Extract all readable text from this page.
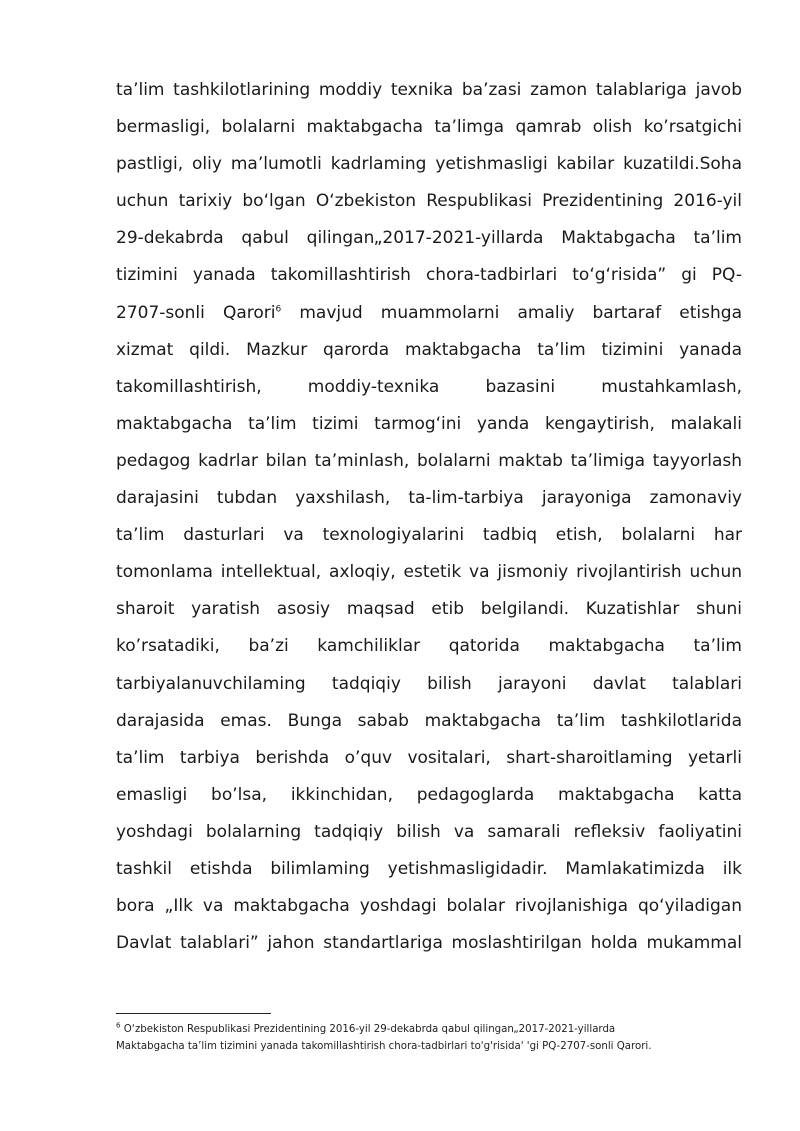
ta’lim tashkilotlarining moddiy texnika ba’zasi zamon talablariga javob
bermasligi, bolalarni maktabgacha ta’limga qamrab olish ko’rsatgichi
pastligi, oliy ma’lumotli kadrlaming yetishmasligi kabilar kuzatildi.Soha
uchun tarixiy bo‘lgan O‘zbekiston Respublikasi Prezidentining 2016-yil
29-dekabrda qabul qilingan„2017-2021-yillarda Maktabgacha ta’lim
tizimini yanada takomillashtirish chora-tadbirlari to‘g‘risida” gi PQ-
2707-sonli Qarori$^6$ mavjud muammolarni amaliy bartaraf etishga
xizmat qildi. Mazkur qarorda maktabgacha ta’lim tizimini yanada
takomillashtirish, moddiy-texnika bazasini mustahkamlash,
maktabgacha ta’lim tizimi tarmog‘ini yanda kengaytirish, malakali
pedagog kadrlar bilan ta’minlash, bolalarni maktab ta’limiga tayyorlash
darajasini tubdan yaxshilash, ta-lim-tarbiya jarayoniga zamonaviy
ta’lim dasturlari va texnologiyalarini tadbiq etish, bolalarni har
tomonlama intellektual, axloqiy, estetik va jismoniy rivojlantirish uchun
sharoit yaratish asosiy maqsad etib belgilandi. Kuzatishlar shuni
ko’rsatadiki, ba’zi kamchiliklar qatorida maktabgacha ta’lim
tarbiyalanuvchilaming tadqiqiy bilish jarayoni davlat talablari
darajasida emas. Bunga sabab maktabgacha ta’lim tashkilotlarida
ta’lim tarbiya berishda o’quv vositalari, shart-sharoitlaming yetarli
emasligi bo’lsa, ikkinchidan, pedagoglarda maktabgacha katta
yoshdagi bolalarning tadqiqiy bilish va samarali refleksiv faoliyatini
tashkil etishda bilimlaming yetishmasligidadir. Mamlakatimizda ilk
bora „Ilk va maktabgacha yoshdagi bolalar rivojlanishiga qo‘yiladigan
Davlat talablari” jahon standartlariga moslashtirilgan holda mukammal
$^6$ O‘zbekiston Respublikasi Prezidentining 2016-yil 29-dekabrda qabul qilingan„2017-2021-yillarda
Maktabgacha ta’lim tizimini yanada takomillashtirish chora-tadbirlari to'g'risida' 'gi PQ-2707-sonli Qarori.
